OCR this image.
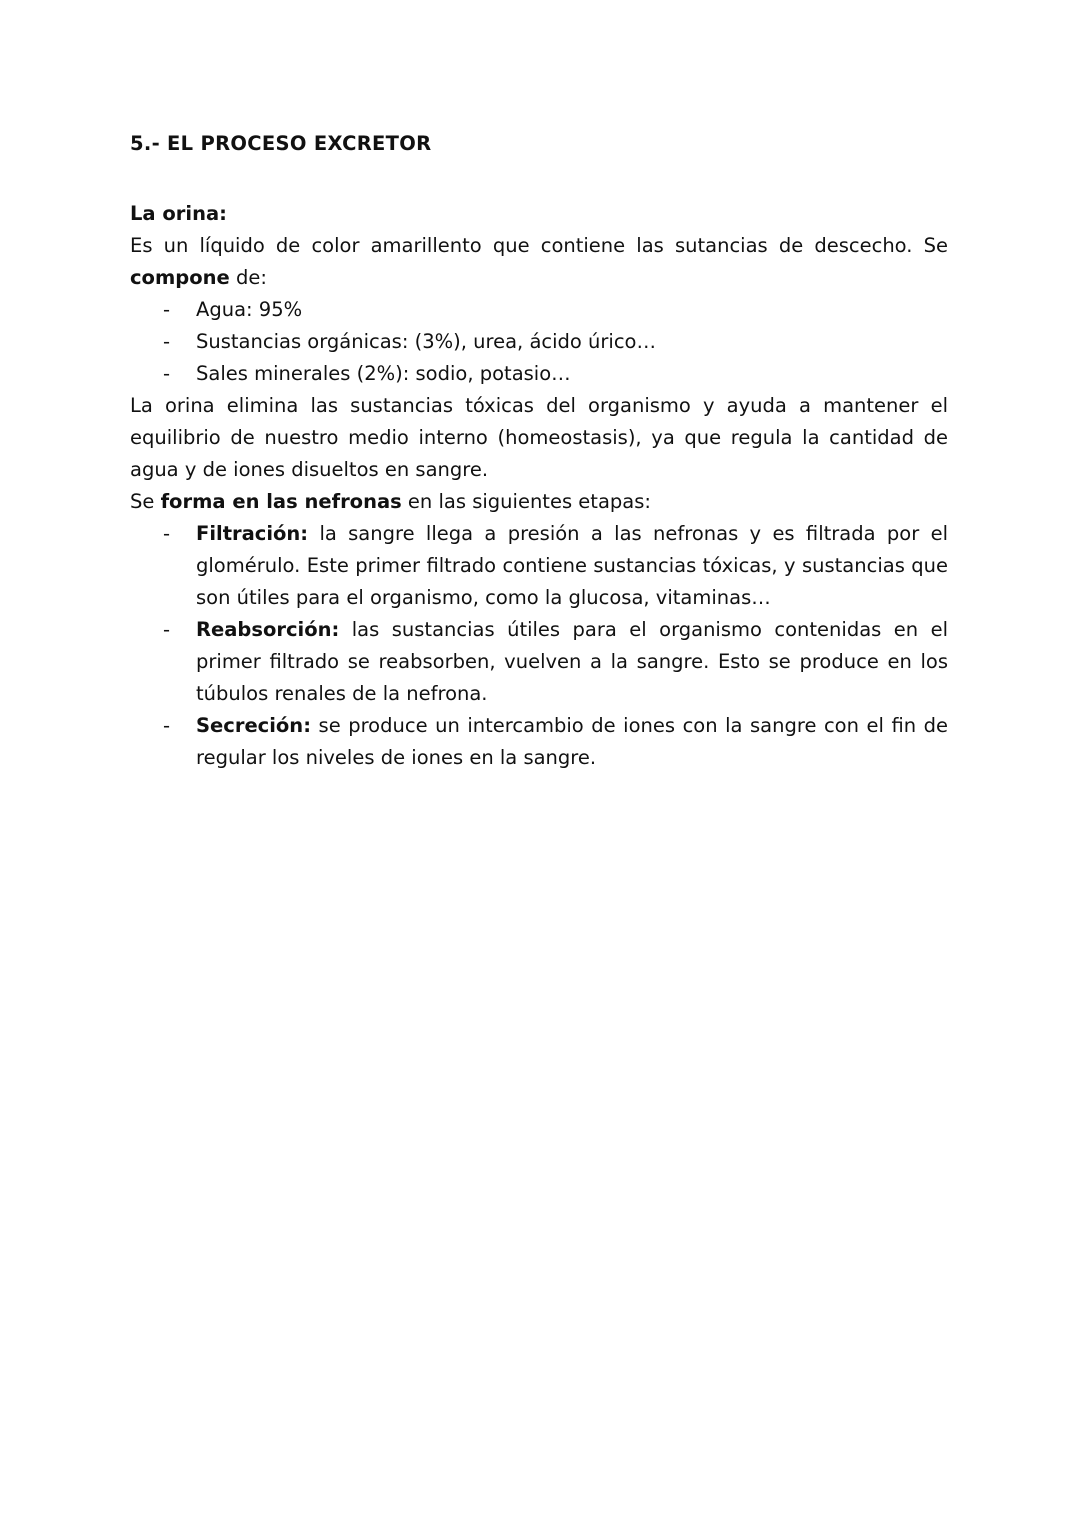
5.- EL PROCESO EXCRETOR
La orina:

Es un líquido de color amarillento que contiene las sutancias de descecho. Se compone de:

- Agua: 95%
- Sustancias orgánicas: (3%), urea, ácido úrico…
- Sales minerales (2%): sodio, potasio…

La orina elimina las sustancias tóxicas del organismo y ayuda a mantener el equilibrio de nuestro medio interno (homeostasis), ya que regula la cantidad de agua y de iones disueltos en sangre.

Se forma en las nefronas en las siguientes etapas:

- Filtración: la sangre llega a presión a las nefronas y es filtrada por el glomérulo. Este primer filtrado contiene sustancias tóxicas, y sustancias que son útiles para el organismo, como la glucosa, vitaminas…
- Reabsorción: las sustancias útiles para el organismo contenidas en el primer filtrado se reabsorben, vuelven a la sangre. Esto se produce en los túbulos renales de la nefrona.
- Secreción: se produce un intercambio de iones con la sangre con el fin de regular los niveles de iones en la sangre.
